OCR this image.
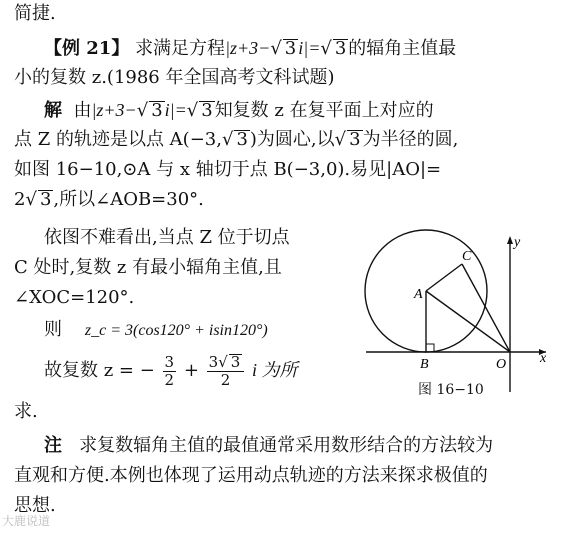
简捷.
【例 21】 求满足方程|z+3−√ 3 i|=√ 3 的辐角主值最
小的复数 z.(1986 年全国高考文科试题)
解 由|z+3−√ 3 i|=√ 3 知复数 z 在复平面上对应的
点 Z 的轨迹是以点 A(−3,√ 3 )为圆心,以√ 3 为半径的圆,
如图 16−10,⊙A 与 x 轴切于点 B(−3,0).易见|AO|=
2√ 3 ,所以∠AOB=30°.
依图不难看出,当点 Z 位于切点
C 处时,复数 z 有最小辐角主值,且
∠XOC=120°.
则 z_c = 3(cos120° + isin120°)
故复数 z = − $\frac{3}{2} + \frac{3√ 3}{2}$ i 为所
求.
注 求复数辐角主值的最值通常采用数形结合的方法较为
直观和方便.本例也体现了运用动点轨迹的方法来探求极值的
思想.
y
x
A
B
C
O
图 16−10
大鹿说道
